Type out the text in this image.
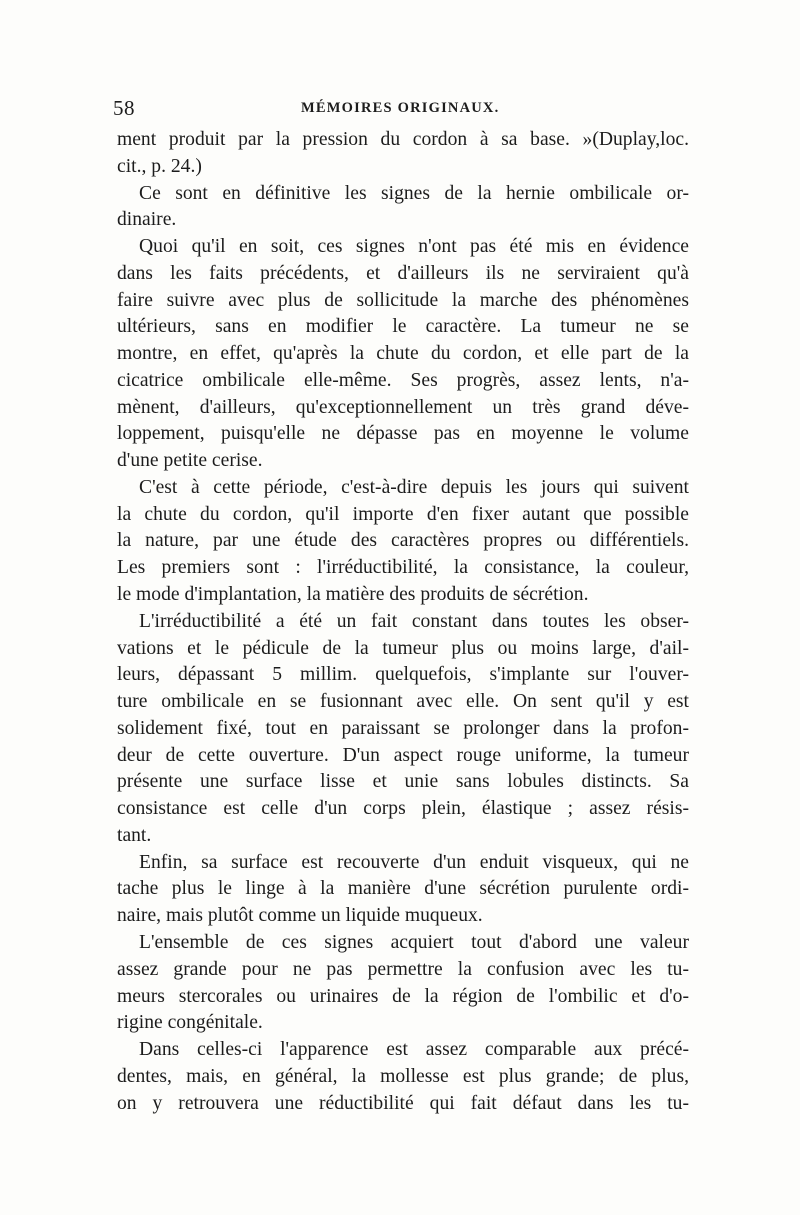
58	MÉMOIRES ORIGINAUX.
ment produit par la pression du cordon à sa base. »(Duplay,loc.
cit., p. 24.)
Ce sont en définitive les signes de la hernie ombilicale or-
dinaire.
Quoi qu'il en soit, ces signes n'ont pas été mis en évidence
dans les faits précédents, et d'ailleurs ils ne serviraient qu'à
faire suivre avec plus de sollicitude la marche des phénomènes
ultérieurs, sans en modifier le caractère. La tumeur ne se
montre, en effet, qu'après la chute du cordon, et elle part de la
cicatrice ombilicale elle-même. Ses progrès, assez lents, n'a-
mènent, d'ailleurs, qu'exceptionnellement un très grand déve-
loppement, puisqu'elle ne dépasse pas en moyenne le volume
d'une petite cerise.
C'est à cette période, c'est-à-dire depuis les jours qui suivent
la chute du cordon, qu'il importe d'en fixer autant que possible
la nature, par une étude des caractères propres ou différentiels.
Les premiers sont : l'irréductibilité, la consistance, la couleur,
le mode d'implantation, la matière des produits de sécrétion.
L'irréductibilité a été un fait constant dans toutes les obser-
vations et le pédicule de la tumeur plus ou moins large, d'ail-
leurs, dépassant 5 millim. quelquefois, s'implante sur l'ouver-
ture ombilicale en se fusionnant avec elle. On sent qu'il y est
solidement fixé, tout en paraissant se prolonger dans la profon-
deur de cette ouverture. D'un aspect rouge uniforme, la tumeur
présente une surface lisse et unie sans lobules distincts. Sa
consistance est celle d'un corps plein, élastique ; assez résis-
tant.
Enfin, sa surface est recouverte d'un enduit visqueux, qui ne
tache plus le linge à la manière d'une sécrétion purulente ordi-
naire, mais plutôt comme un liquide muqueux.
L'ensemble de ces signes acquiert tout d'abord une valeur
assez grande pour ne pas permettre la confusion avec les tu-
meurs stercorales ou urinaires de la région de l'ombilic et d'o-
rigine congénitale.
Dans celles-ci l'apparence est assez comparable aux précé-
dentes, mais, en général, la mollesse est plus grande; de plus,
on y retrouvera une réductibilité qui fait défaut dans les tu-
